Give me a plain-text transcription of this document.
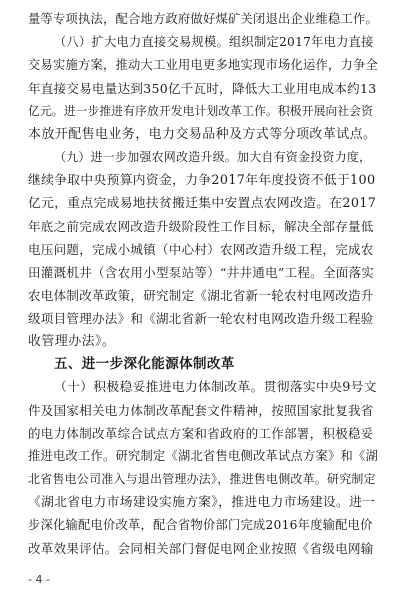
量等专项执法，配合地方政府做好煤矿关闭退出企业维稳工作。
（八）扩大电力直接交易规模。组织制定2017年电力直接
交易实施方案，推动大工业用电更多地实现市场化运作，力争全
年直接交易电量达到350亿千瓦时，降低大工业用电成本约13
亿元。进一步推进有序放开发电计划改革工作。积极开展向社会资
本放开配售电业务，电力交易品种及方式等分项改革试点。
（九）进一步加强农网改造升级。加大自有资金投资力度，
继续争取中央预算内资金，力争2017年年度投资不低于100
亿元，重点完成易地扶贫搬迁集中安置点农网改造。在2017
年底之前完成农网改造升级阶段性工作目标，解决全部存量低
电压问题，完成小城镇（中心村）农网改造升级工程，完成农
田灌溉机井（含农用小型泵站等）“井井通电”工程。全面落实
农电体制改革政策，研究制定《湖北省新一轮农村电网改造升
级项目管理办法》和《湖北省新一轮农村电网改造升级工程验
收管理办法》。
五、进一步深化能源体制改革
（十）积极稳妥推进电力体制改革。贯彻落实中央9号文
件及国家相关电力体制改革配套文件精神，按照国家批复我省
的电力体制改革综合试点方案和省政府的工作部署，积极稳妥
推进电改工作。研究制定《湖北省售电侧改革试点方案》和《湖
北省售电公司准入与退出管理办法》，推进售电侧改革。研究制定
《湖北省电力市场建设实施方案》，推进电力市场建设。进一
步深化输配电价改革，配合省物价部门完成2016年度输配电价
改革效果评估。会同相关部门督促电网企业按照《省级电网输
- 4 -
